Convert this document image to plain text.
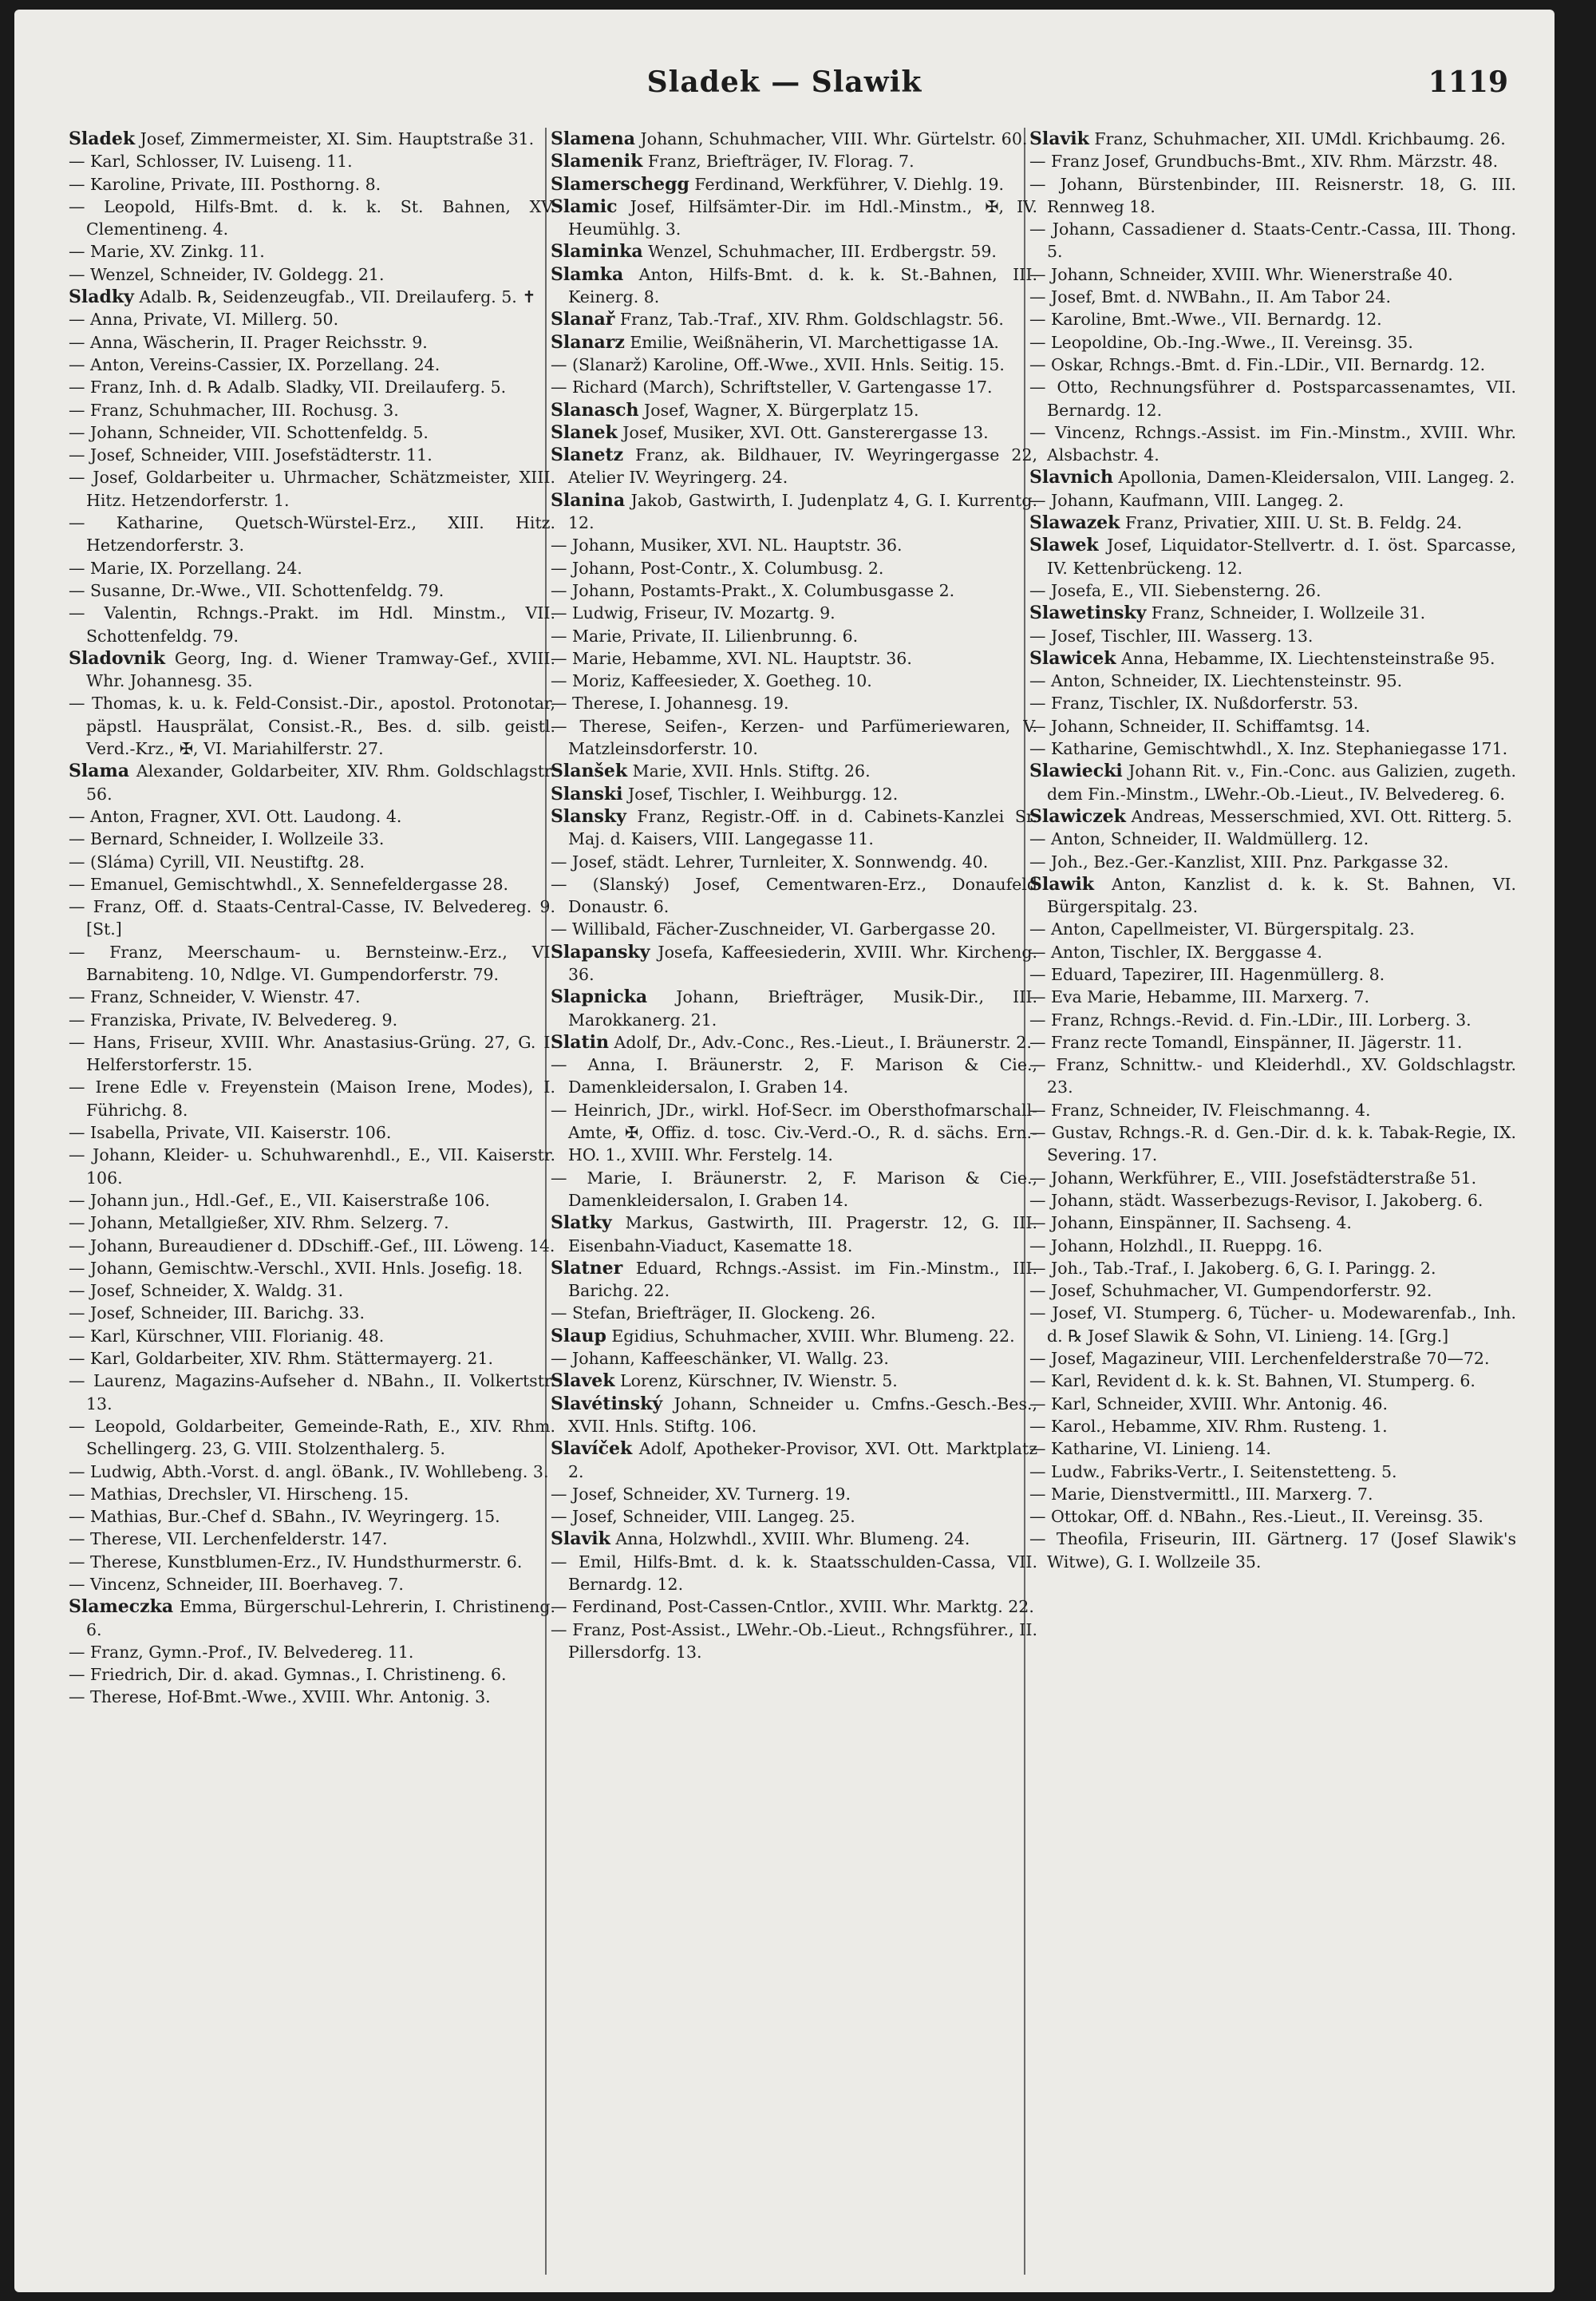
Sladek — Slawik	1119

Sladek Josef, Zimmermeister, XI. Sim. Hauptstraße 31.

— Karl, Schlosser, IV. Luiseng. 11.

— Karoline, Private, III. Posthorng. 8.

— Leopold, Hilfs-Bmt. d. k. k. St. Bahnen, XV. Clementineng. 4.

— Marie, XV. Zinkg. 11.

— Wenzel, Schneider, IV. Goldegg. 21.

Sladky Adalb. ℞, Seidenzeugfab., VII. Dreilauferg. 5. ✝

— Anna, Private, VI. Millerg. 50.

— Anna, Wäscherin, II. Prager Reichsstr. 9.

— Anton, Vereins-Cassier, IX. Porzellang. 24.

— Franz, Inh. d. ℞ Adalb. Sladky, VII. Dreilauferg. 5.

— Franz, Schuhmacher, III. Rochusg. 3.

— Johann, Schneider, VII. Schottenfeldg. 5.

— Josef, Schneider, VIII. Josefstädterstr. 11.

— Josef, Goldarbeiter u. Uhrmacher, Schätzmeister, XIII. Hitz. Hetzendorferstr. 1.

— Katharine, Quetsch-Würstel-Erz., XIII. Hitz. Hetzendorferstr. 3.

— Marie, IX. Porzellang. 24.

— Susanne, Dr.-Wwe., VII. Schottenfeldg. 79.

— Valentin, Rchngs.-Prakt. im Hdl. Minstm., VII. Schottenfeldg. 79.

Sladovnik Georg, Ing. d. Wiener Tramway-Gef., XVIII. Whr. Johannesg. 35.

— Thomas, k. u. k. Feld-Consist.-Dir., apostol. Protonotar, päpstl. Hausprälat, Consist.-R., Bes. d. silb. geistl. Verd.-Krz., ✠, VI. Mariahilferstr. 27.

Slama Alexander, Goldarbeiter, XIV. Rhm. Goldschlagstr. 56.

— Anton, Fragner, XVI. Ott. Laudong. 4.

— Bernard, Schneider, I. Wollzeile 33.

— (Sláma) Cyrill, VII. Neustiftg. 28.

— Emanuel, Gemischtwhdl., X. Sennefeldergasse 28.

— Franz, Off. d. Staats-Central-Casse, IV. Belvedereg. 9. [St.]

— Franz, Meerschaum- u. Bernsteinw.-Erz., VI. Barnabiteng. 10, Ndlge. VI. Gumpendorferstr. 79.

— Franz, Schneider, V. Wienstr. 47.

— Franziska, Private, IV. Belvedereg. 9.

— Hans, Friseur, XVIII. Whr. Anastasius-Grüng. 27, G. I. Helferstorferstr. 15.

— Irene Edle v. Freyenstein (Maison Irene, Modes), I. Führichg. 8.

— Isabella, Private, VII. Kaiserstr. 106.

— Johann, Kleider- u. Schuhwarenhdl., E., VII. Kaiserstr. 106.

— Johann jun., Hdl.-Gef., E., VII. Kaiserstraße 106.

— Johann, Metallgießer, XIV. Rhm. Selzerg. 7.

— Johann, Bureaudiener d. DDschiff.-Gef., III. Löweng. 14.

— Johann, Gemischtw.-Verschl., XVII. Hnls. Josefig. 18.

— Josef, Schneider, X. Waldg. 31.

— Josef, Schneider, III. Barichg. 33.

— Karl, Kürschner, VIII. Florianig. 48.

— Karl, Goldarbeiter, XIV. Rhm. Stättermayerg. 21.

— Laurenz, Magazins-Aufseher d. NBahn., II. Volkertstr. 13.

— Leopold, Goldarbeiter, Gemeinde-Rath, E., XIV. Rhm. Schellingerg. 23, G. VIII. Stolzenthalerg. 5.

— Ludwig, Abth.-Vorst. d. angl. öBank., IV. Wohllebeng. 3.

— Mathias, Drechsler, VI. Hirscheng. 15.

— Mathias, Bur.-Chef d. SBahn., IV. Weyringerg. 15.

— Therese, VII. Lerchenfelderstr. 147.

— Therese, Kunstblumen-Erz., IV. Hundsthurmerstr. 6.

— Vincenz, Schneider, III. Boerhaveg. 7.

Slameczka Emma, Bürgerschul-Lehrerin, I. Christineng. 6.

— Franz, Gymn.-Prof., IV. Belvedereg. 11.

— Friedrich, Dir. d. akad. Gymnas., I. Christineng. 6.

— Therese, Hof-Bmt.-Wwe., XVIII. Whr. Antonig. 3.

Slamena Johann, Schuhmacher, VIII. Whr. Gürtelstr. 60.

Slamenik Franz, Briefträger, IV. Florag. 7.

Slamerschegg Ferdinand, Werkführer, V. Diehlg. 19.

Slamic Josef, Hilfsämter-Dir. im Hdl.-Minstm., ✠, IV. Heumühlg. 3.

Slaminka Wenzel, Schuhmacher, III. Erdbergstr. 59.

Slamka Anton, Hilfs-Bmt. d. k. k. St.-Bahnen, III. Keinerg. 8.

Slanař Franz, Tab.-Traf., XIV. Rhm. Goldschlagstr. 56.

Slanarz Emilie, Weißnäherin, VI. Marchettigasse 1A.

— (Slanarž) Karoline, Off.-Wwe., XVII. Hnls. Seitig. 15.

— Richard (March), Schriftsteller, V. Gartengasse 17.

Slanasch Josef, Wagner, X. Bürgerplatz 15.

Slanek Josef, Musiker, XVI. Ott. Gansterergasse 13.

Slanetz Franz, ak. Bildhauer, IV. Weyringergasse 22, Atelier IV. Weyringerg. 24.

Slanina Jakob, Gastwirth, I. Judenplatz 4, G. I. Kurrentg. 12.

— Johann, Musiker, XVI. NL. Hauptstr. 36.

— Johann, Post-Contr., X. Columbusg. 2.

— Johann, Postamts-Prakt., X. Columbusgasse 2.

— Ludwig, Friseur, IV. Mozartg. 9.

— Marie, Private, II. Lilienbrunng. 6.

— Marie, Hebamme, XVI. NL. Hauptstr. 36.

— Moriz, Kaffeesieder, X. Goetheg. 10.

— Therese, I. Johannesg. 19.

— Therese, Seifen-, Kerzen- und Parfümeriewaren, V. Matzleinsdorferstr. 10.

Slanšek Marie, XVII. Hnls. Stiftg. 26.

Slanski Josef, Tischler, I. Weihburgg. 12.

Slansky Franz, Registr.-Off. in d. Cabinets-Kanzlei Sr. Maj. d. Kaisers, VIII. Langegasse 11.

— Josef, städt. Lehrer, Turnleiter, X. Sonnwendg. 40.

— (Slanský) Josef, Cementwaren-Erz., Donaufeld Donaustr. 6.

— Willibald, Fächer-Zuschneider, VI. Garbergasse 20.

Slapansky Josefa, Kaffeesiederin, XVIII. Whr. Kircheng. 36.

Slapnicka Johann, Briefträger, Musik-Dir., III. Marokkanerg. 21.

Slatin Adolf, Dr., Adv.-Conc., Res.-Lieut., I. Bräunerstr. 2.

— Anna, I. Bräunerstr. 2, F. Marison & Cie., Damenkleidersalon, I. Graben 14.

— Heinrich, JDr., wirkl. Hof-Secr. im Obersthofmarschall-Amte, ✠, Offiz. d. tosc. Civ.-Verd.-O., R. d. sächs. Ern.-HO. 1., XVIII. Whr. Ferstelg. 14.

— Marie, I. Bräunerstr. 2, F. Marison & Cie., Damenkleidersalon, I. Graben 14.

Slatky Markus, Gastwirth, III. Pragerstr. 12, G. III. Eisenbahn-Viaduct, Kasematte 18.

Slatner Eduard, Rchngs.-Assist. im Fin.-Minstm., III. Barichg. 22.

— Stefan, Briefträger, II. Glockeng. 26.

Slaup Egidius, Schuhmacher, XVIII. Whr. Blumeng. 22.

— Johann, Kaffeeschänker, VI. Wallg. 23.

Slavek Lorenz, Kürschner, IV. Wienstr. 5.

Slavétinský Johann, Schneider u. Cmfns.-Gesch.-Bes., XVII. Hnls. Stiftg. 106.

Slavíček Adolf, Apotheker-Provisor, XVI. Ott. Marktplatz 2.

— Josef, Schneider, XV. Turnerg. 19.

— Josef, Schneider, VIII. Langeg. 25.

Slavik Anna, Holzwhdl., XVIII. Whr. Blumeng. 24.

— Emil, Hilfs-Bmt. d. k. k. Staatsschulden-Cassa, VII. Bernardg. 12.

— Ferdinand, Post-Cassen-Cntlor., XVIII. Whr. Marktg. 22.

— Franz, Post-Assist., LWehr.-Ob.-Lieut., Rchngsführer., II. Pillersdorfg. 13.

Slavik Franz, Schuhmacher, XII. UMdl. Krichbaumg. 26.

— Franz Josef, Grundbuchs-Bmt., XIV. Rhm. Märzstr. 48.

— Johann, Bürstenbinder, III. Reisnerstr. 18, G. III. Rennweg 18.

— Johann, Cassadiener d. Staats-Centr.-Cassa, III. Thong. 5.

— Johann, Schneider, XVIII. Whr. Wienerstraße 40.

— Josef, Bmt. d. NWBahn., II. Am Tabor 24.

— Karoline, Bmt.-Wwe., VII. Bernardg. 12.

— Leopoldine, Ob.-Ing.-Wwe., II. Vereinsg. 35.

— Oskar, Rchngs.-Bmt. d. Fin.-LDir., VII. Bernardg. 12.

— Otto, Rechnungsführer d. Postsparcassenamtes, VII. Bernardg. 12.

— Vincenz, Rchngs.-Assist. im Fin.-Minstm., XVIII. Whr. Alsbachstr. 4.

Slavnich Apollonia, Damen-Kleidersalon, VIII. Langeg. 2.

— Johann, Kaufmann, VIII. Langeg. 2.

Slawazek Franz, Privatier, XIII. U. St. B. Feldg. 24.

Slawek Josef, Liquidator-Stellvertr. d. I. öst. Sparcasse, IV. Kettenbrückeng. 12.

— Josefa, E., VII. Siebensterng. 26.

Slawetinsky Franz, Schneider, I. Wollzeile 31.

— Josef, Tischler, III. Wasserg. 13.

Slawicek Anna, Hebamme, IX. Liechtensteinstraße 95.

— Anton, Schneider, IX. Liechtensteinstr. 95.

— Franz, Tischler, IX. Nußdorferstr. 53.

— Johann, Schneider, II. Schiffamtsg. 14.

— Katharine, Gemischtwhdl., X. Inz. Stephaniegasse 171.

Slawiecki Johann Rit. v., Fin.-Conc. aus Galizien, zugeth. dem Fin.-Minstm., LWehr.-Ob.-Lieut., IV. Belvedereg. 6.

Slawiczek Andreas, Messerschmied, XVI. Ott. Ritterg. 5.

— Anton, Schneider, II. Waldmüllerg. 12.

— Joh., Bez.-Ger.-Kanzlist, XIII. Pnz. Parkgasse 32.

Slawik Anton, Kanzlist d. k. k. St. Bahnen, VI. Bürgerspitalg. 23.

— Anton, Capellmeister, VI. Bürgerspitalg. 23.

— Anton, Tischler, IX. Berggasse 4.

— Eduard, Tapezirer, III. Hagenmüllerg. 8.

— Eva Marie, Hebamme, III. Marxerg. 7.

— Franz, Rchngs.-Revid. d. Fin.-LDir., III. Lorberg. 3.

— Franz recte Tomandl, Einspänner, II. Jägerstr. 11.

— Franz, Schnittw.- und Kleiderhdl., XV. Goldschlagstr. 23.

— Franz, Schneider, IV. Fleischmanng. 4.

— Gustav, Rchngs.-R. d. Gen.-Dir. d. k. k. Tabak-Regie, IX. Severing. 17.

— Johann, Werkführer, E., VIII. Josefstädterstraße 51.

— Johann, städt. Wasserbezugs-Revisor, I. Jakoberg. 6.

— Johann, Einspänner, II. Sachseng. 4.

— Johann, Holzhdl., II. Rueppg. 16.

— Joh., Tab.-Traf., I. Jakoberg. 6, G. I. Paringg. 2.

— Josef, Schuhmacher, VI. Gumpendorferstr. 92.

— Josef, VI. Stumperg. 6, Tücher- u. Modewarenfab., Inh. d. ℞ Josef Slawik & Sohn, VI. Linieng. 14. [Grg.]

— Josef, Magazineur, VIII. Lerchenfelderstraße 70—72.

— Karl, Revident d. k. k. St. Bahnen, VI. Stumperg. 6.

— Karl, Schneider, XVIII. Whr. Antonig. 46.

— Karol., Hebamme, XIV. Rhm. Rusteng. 1.

— Katharine, VI. Linieng. 14.

— Ludw., Fabriks-Vertr., I. Seitenstetteng. 5.

— Marie, Dienstvermittl., III. Marxerg. 7.

— Ottokar, Off. d. NBahn., Res.-Lieut., II. Vereinsg. 35.

— Theofila, Friseurin, III. Gärtnerg. 17 (Josef Slawik's Witwe), G. I. Wollzeile 35.
